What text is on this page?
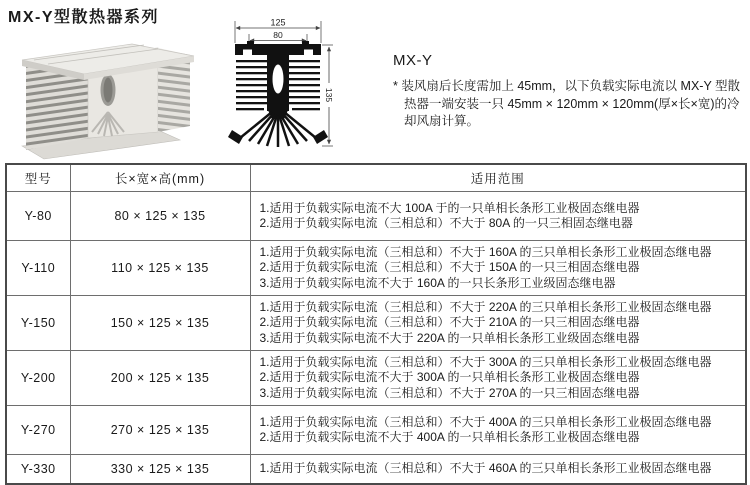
MX-Y型散热器系列	125
80
135

MX-Y

* 装风扇后长度需加上 45mm，以下负载实际电流以 MX-Y 型散热器一端安装一只 45mm × 120mm × 120mm(厚×长×宽)的冷却风扇计算。

型号	长×宽×高(mm)	适用范围
Y-80	80 × 125 × 135	1.适用于负载实际电流不大 100A 于的一只单相长条形工业极固态继电器
2.适用于负载实际电流（三相总和）不大于 80A 的一只三相固态继电器

Y-110	110 × 125 × 135	1.适用于负载实际电流（三相总和）不大于 160A 的三只单相长条形工业极固态继电器
2.适用于负载实际电流（三相总和）不大于 150A 的一只三相固态继电器
3.适用于负载实际电流不大于 160A 的一只长条形工业级固态继电器

Y-150	150 × 125 × 135	1.适用于负载实际电流（三相总和）不大于 220A 的三只单相长条形工业极固态继电器
2.适用于负载实际电流（三相总和）不大于 210A 的一只三相固态继电器
3.适用于负载实际电流不大于 220A 的一只单相长条形工业级固态继电器

Y-200	200 × 125 × 135	1.适用于负载实际电流（三相总和）不大于 300A 的三只单相长条形工业极固态继电器
2.适用于负载实际电流不大于 300A 的一只单相长条形工业极固态继电器
3.适用于负载实际电流（三相总和）不大于 270A 的一只三相固态继电器

Y-270	270 × 125 × 135	1.适用于负载实际电流（三相总和）不大于 400A 的三只单相长条形工业极固态继电器
2.适用于负载实际电流不大于 400A 的一只单相长条形工业极固态继电器

Y-330	330 × 125 × 135	1.适用于负载实际电流（三相总和）不大于 460A 的三只单相长条形工业极固态继电器
